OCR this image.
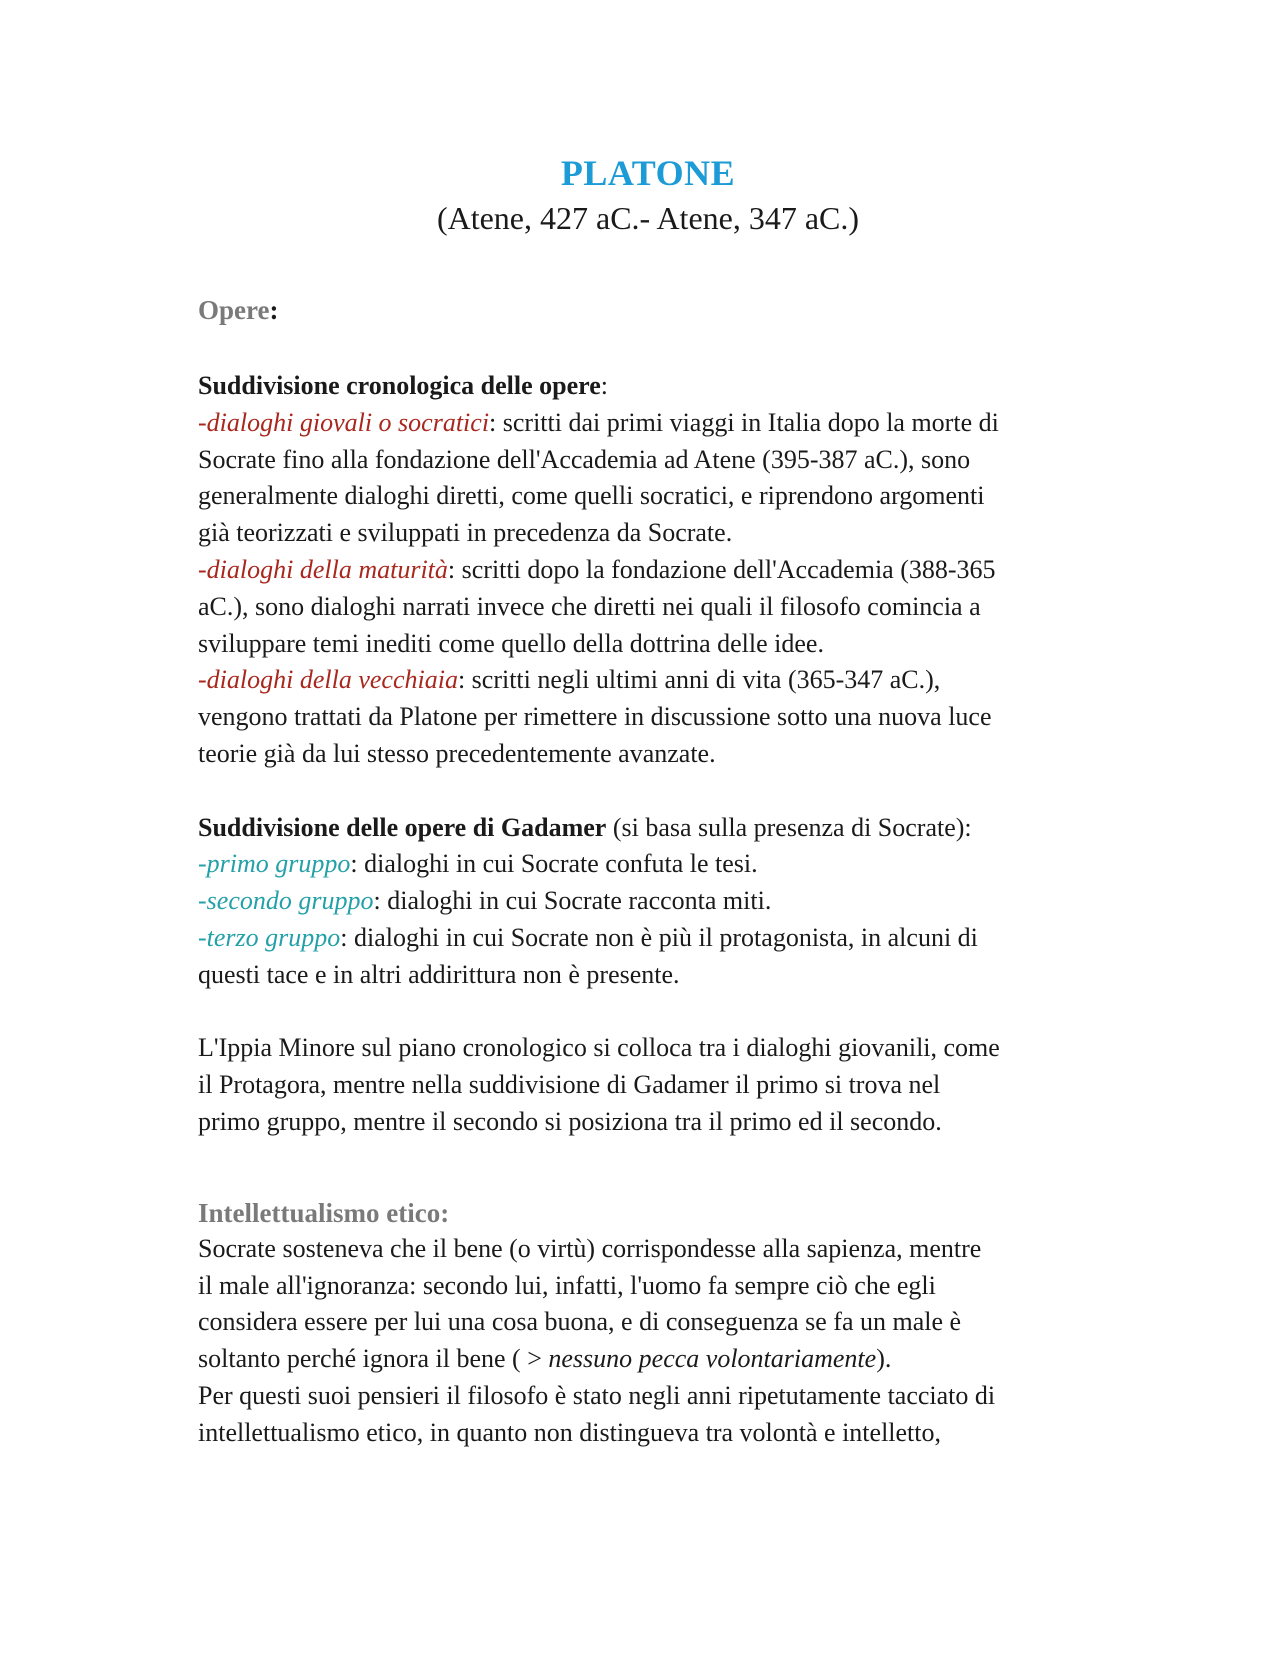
PLATONE

(Atene, 427 aC.- Atene, 347 aC.)

Opere:

Suddivisione cronologica delle opere:

-dialoghi giovali o socratici: scritti dai primi viaggi in Italia dopo la morte di

Socrate fino alla fondazione dell'Accademia ad Atene (395-387 aC.), sono

generalmente dialoghi diretti, come quelli socratici, e riprendono argomenti

già teorizzati e sviluppati in precedenza da Socrate.

-dialoghi della maturità: scritti dopo la fondazione dell'Accademia (388-365

aC.), sono dialoghi narrati invece che diretti nei quali il filosofo comincia a

sviluppare temi inediti come quello della dottrina delle idee.

-dialoghi della vecchiaia: scritti negli ultimi anni di vita (365-347 aC.),

vengono trattati da Platone per rimettere in discussione sotto una nuova luce

teorie già da lui stesso precedentemente avanzate.

Suddivisione delle opere di Gadamer (si basa sulla presenza di Socrate):

-primo gruppo: dialoghi in cui Socrate confuta le tesi.

-secondo gruppo: dialoghi in cui Socrate racconta miti.

-terzo gruppo: dialoghi in cui Socrate non è più il protagonista, in alcuni di

questi tace e in altri addirittura non è presente.

L'Ippia Minore sul piano cronologico si colloca tra i dialoghi giovanili, come

il Protagora, mentre nella suddivisione di Gadamer il primo si trova nel

primo gruppo, mentre il secondo si posiziona tra il primo ed il secondo.

Intellettualismo etico:

Socrate sosteneva che il bene (o virtù) corrispondesse alla sapienza, mentre

il male all'ignoranza: secondo lui, infatti, l'uomo fa sempre ciò che egli

considera essere per lui una cosa buona, e di conseguenza se fa un male è

soltanto perché ignora il bene ( > nessuno pecca volontariamente).

Per questi suoi pensieri il filosofo è stato negli anni ripetutamente tacciato di

intellettualismo etico, in quanto non distingueva tra volontà e intelletto,
